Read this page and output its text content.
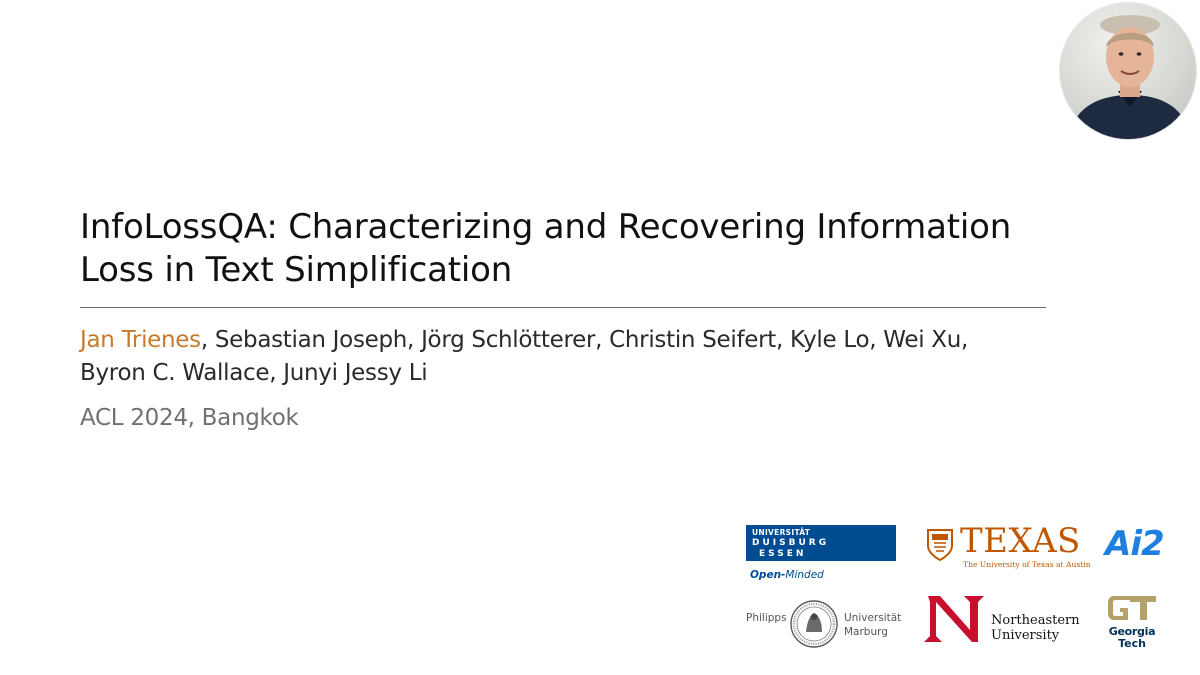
InfoLossQA: Characterizing and Recovering Information
Loss in Text Simplification
Jan Trienes, Sebastian Joseph, Jörg Schlötterer, Christin Seifert, Kyle Lo, Wei Xu,
Byron C. Wallace, Junyi Jessy Li
ACL 2024, Bangkok
UNIVERSITÄT
DUISBURG
ESSEN
Open-Minded
TEXAS
The University of Texas at Austin
Ai2
Philipps	Universität
Marburg
Northeastern
University	Georgia
Tech
